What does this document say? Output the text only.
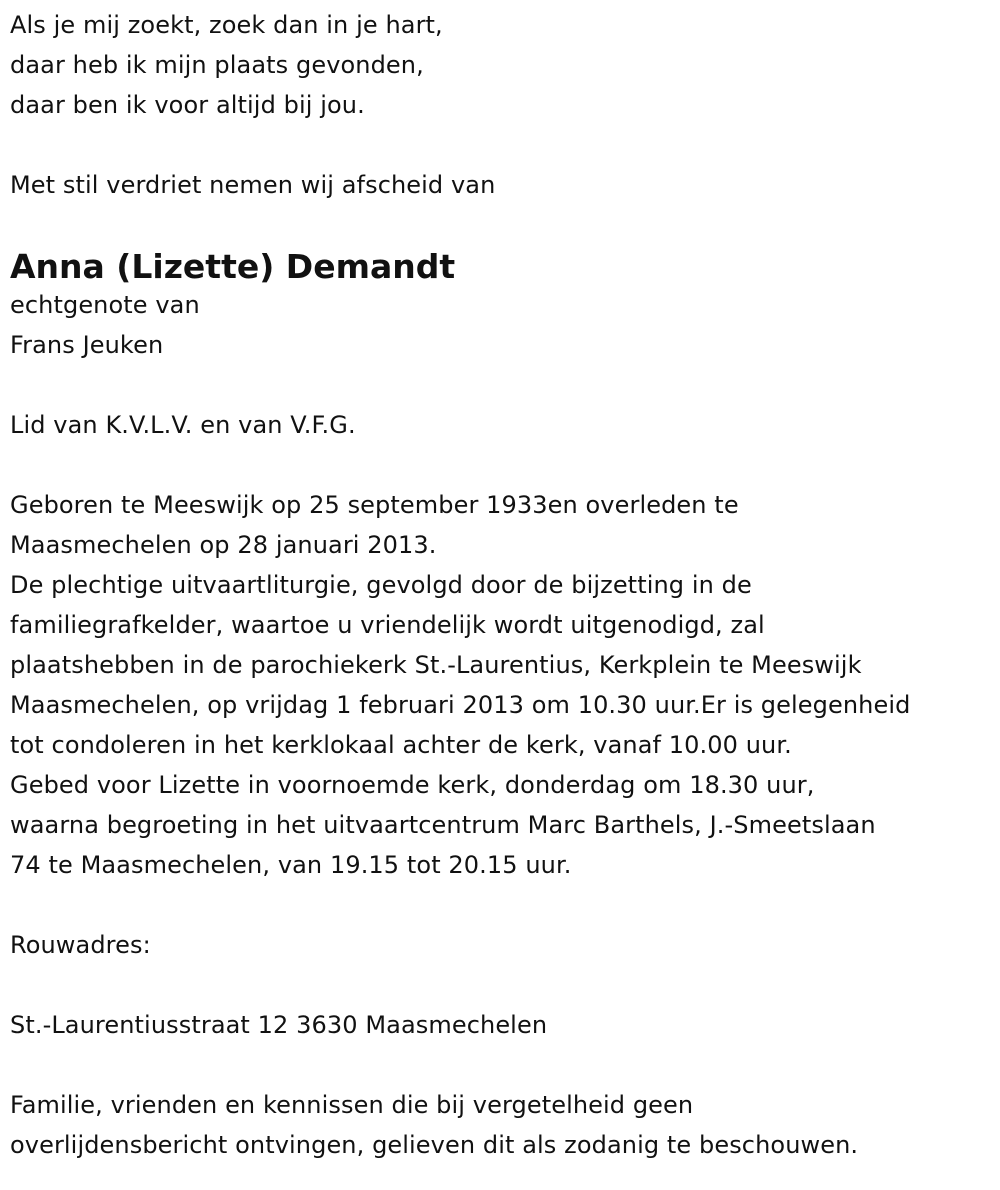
Als je mij zoekt, zoek dan in je hart,
daar heb ik mijn plaats gevonden,
daar ben ik voor altijd bij jou.
Met stil verdriet nemen wij afscheid van
Anna (Lizette) Demandt
echtgenote van
Frans Jeuken
Lid van K.V.L.V. en van V.F.G.
Geboren te Meeswijk op 25 september 1933en overleden te
Maasmechelen op 28 januari 2013.
De plechtige uitvaartliturgie, gevolgd door de bijzetting in de
familiegrafkelder, waartoe u vriendelijk wordt uitgenodigd, zal
plaatshebben in de parochiekerk St.-Laurentius, Kerkplein te Meeswijk
Maasmechelen, op vrijdag 1 februari 2013 om 10.30 uur.Er is gelegenheid
tot condoleren in het kerklokaal achter de kerk, vanaf 10.00 uur.
Gebed voor Lizette in voornoemde kerk, donderdag om 18.30 uur,
waarna begroeting in het uitvaartcentrum Marc Barthels, J.-Smeetslaan
74 te Maasmechelen, van 19.15 tot 20.15 uur.
Rouwadres:
St.-Laurentiusstraat 12 3630 Maasmechelen
Familie, vrienden en kennissen die bij vergetelheid geen
overlijdensbericht ontvingen, gelieven dit als zodanig te beschouwen.
